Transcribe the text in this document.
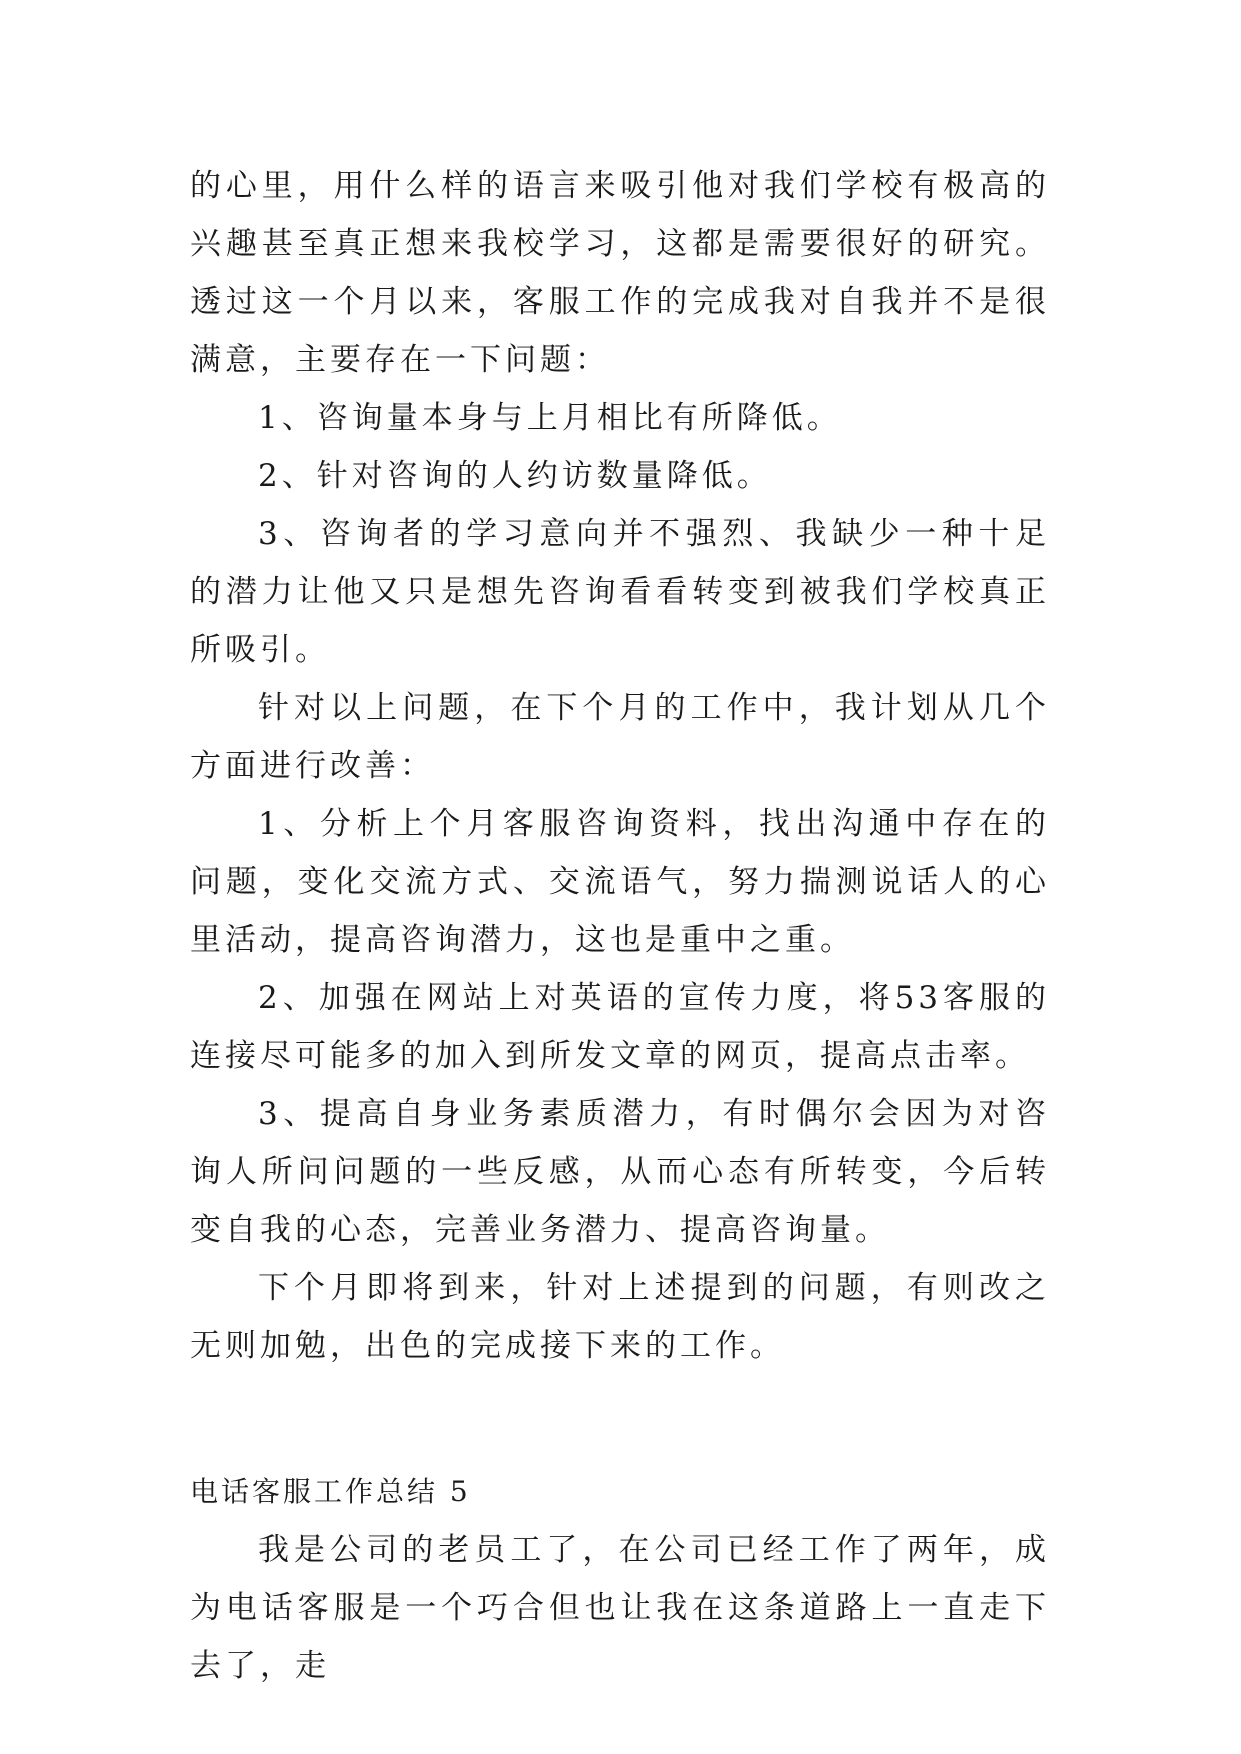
的心里，用什么样的语言来吸引他对我们学校有极高的兴趣甚至真正想来我校学习，这都是需要很好的研究。透过这一个月以来，客服工作的完成我对自我并不是很满意，主要存在一下问题：

1、咨询量本身与上月相比有所降低。

2、针对咨询的人约访数量降低。

3、咨询者的学习意向并不强烈、我缺少一种十足的潜力让他又只是想先咨询看看转变到被我们学校真正所吸引。

针对以上问题，在下个月的工作中，我计划从几个方面进行改善：

1、分析上个月客服咨询资料，找出沟通中存在的问题，变化交流方式、交流语气，努力揣测说话人的心里活动，提高咨询潜力，这也是重中之重。

2、加强在网站上对英语的宣传力度，将53客服的连接尽可能多的加入到所发文章的网页，提高点击率。

3、提高自身业务素质潜力，有时偶尔会因为对咨询人所问问题的一些反感，从而心态有所转变，今后转变自我的心态，完善业务潜力、提高咨询量。

下个月即将到来，针对上述提到的问题，有则改之无则加勉，出色的完成接下来的工作。

电话客服工作总结 5

我是公司的老员工了，在公司已经工作了两年，成为电话客服是一个巧合但也让我在这条道路上一直走下去了，走
